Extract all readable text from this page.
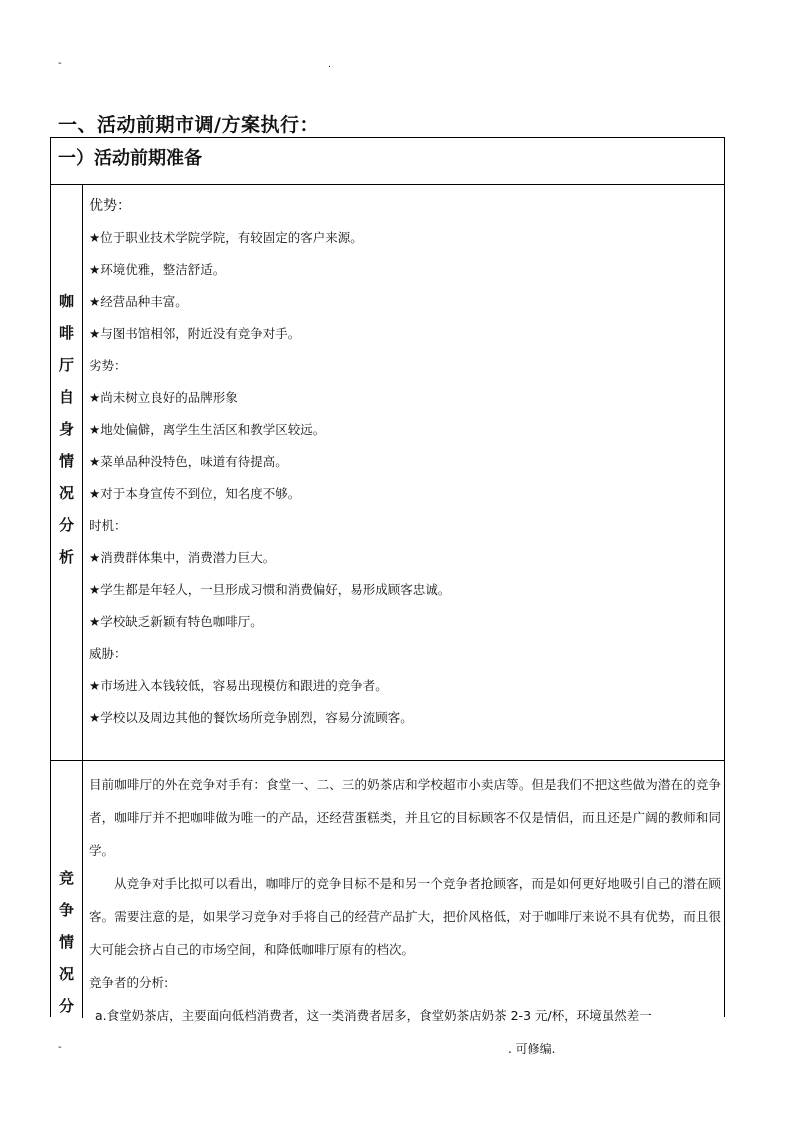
-	.
一、活动前期市调/方案执行：
一）活动前期准备
咖
啡
厅
自
身
情
况
分
析
优势：
★位于职业技术学院学院，有较固定的客户来源。
★环境优雅，整洁舒适。
★经营品种丰富。
★与图书馆相邻，附近没有竞争对手。
劣势：
★尚未树立良好的品牌形象
★地处偏僻，离学生生活区和教学区较远。
★菜单品种没特色，味道有待提高。
★对于本身宣传不到位，知名度不够。
时机：
★消费群体集中，消费潜力巨大。
★学生都是年轻人，一旦形成习惯和消费偏好，易形成顾客忠诚。
★学校缺乏新颖有特色咖啡厅。
威胁：
★市场进入本钱较低，容易出现模仿和跟进的竞争者。
★学校以及周边其他的餐饮场所竞争剧烈，容易分流顾客。
竞
争
情
况
分

目前咖啡厅的外在竞争对手有：食堂一、二、三的奶茶店和学校超市小卖店等。但是我们不把这些做为潜在的竞争者，咖啡厅并不把咖啡做为唯一的产品，还经营蛋糕类，并且它的目标顾客不仅是情侣，而且还是广阔的教师和同学。

从竞争对手比拟可以看出，咖啡厅的竞争目标不是和另一个竞争者抢顾客，而是如何更好地吸引自己的潜在顾客。需要注意的是，如果学习竞争对手将自己的经营产品扩大，把价风格低，对于咖啡厅来说不具有优势，而且很大可能会挤占自己的市场空间，和降低咖啡厅原有的档次。

竞争者的分析:

a.食堂奶茶店，主要面向低档消费者，这一类消费者居多，食堂奶茶店奶茶 2-3 元/杯，环境虽然差一

-	. 可修编.
